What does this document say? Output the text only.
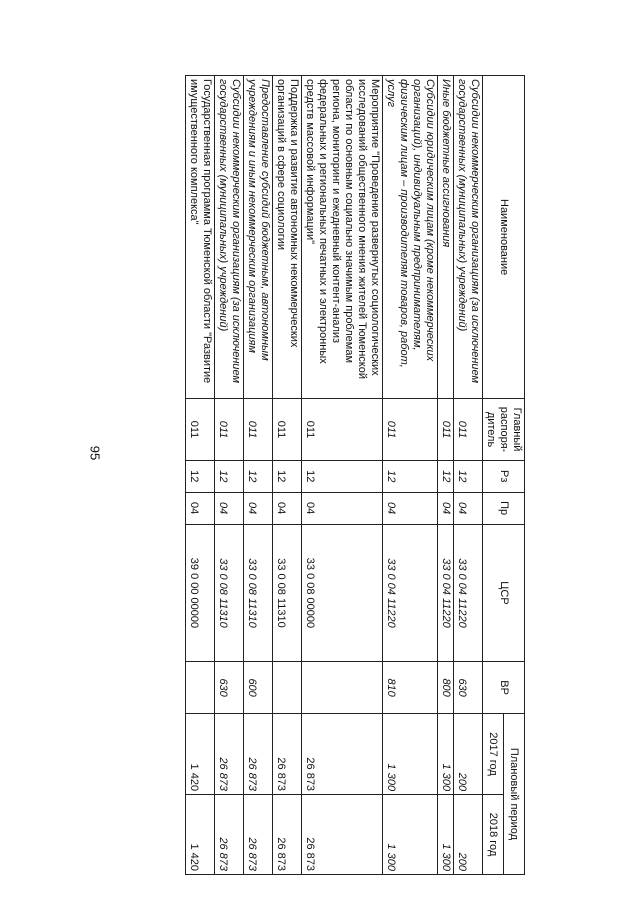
95
Наименование	Главный распоря-дитель	Рз	Пр	ЦСР	ВР	Плановый период	
						2017 год	2018 год
Субсидии некоммерческим организациям (за исключением государственных (муниципальных) учреждений)	011	12	04	33 0 04 11220	630	200	200
Иные бюджетные ассигнования	011	12	04	33 0 04 11220	800	1 300	1 300
Субсидии юридическим лицам (кроме некоммерческих организаций), индивидуальным предпринимателям, физическим лицам – производителям товаров, работ, услуг	011	12	04	33 0 04 11220	810	1 300	1 300
Мероприятие "Проведение развернутых социологических исследований общественного мнения жителей Тюменской области по основным социально значимым проблемам региона, мониторинг и ежедневный контент-анализ федеральных и региональных печатных и электронных средств массовой информации"	011	12	04	33 0 08 00000		26 873	26 873
Поддержка и развитие автономных некоммерческих организаций в сфере социологии	011	12	04	33 0 08 11310		26 873	26 873
Предоставление субсидий бюджетным, автономным учреждениям и иным некоммерческим организациям	011	12	04	33 0 08 11310	600	26 873	26 873
Субсидии некоммерческим организациям (за исключением государственных (муниципальных) учреждений)	011	12	04	33 0 08 11310	630	26 873	26 873
Государственная программа Тюменской области "Развитие имущественного комплекса"	011	12	04	39 0 00 00000		1 420	1 420
